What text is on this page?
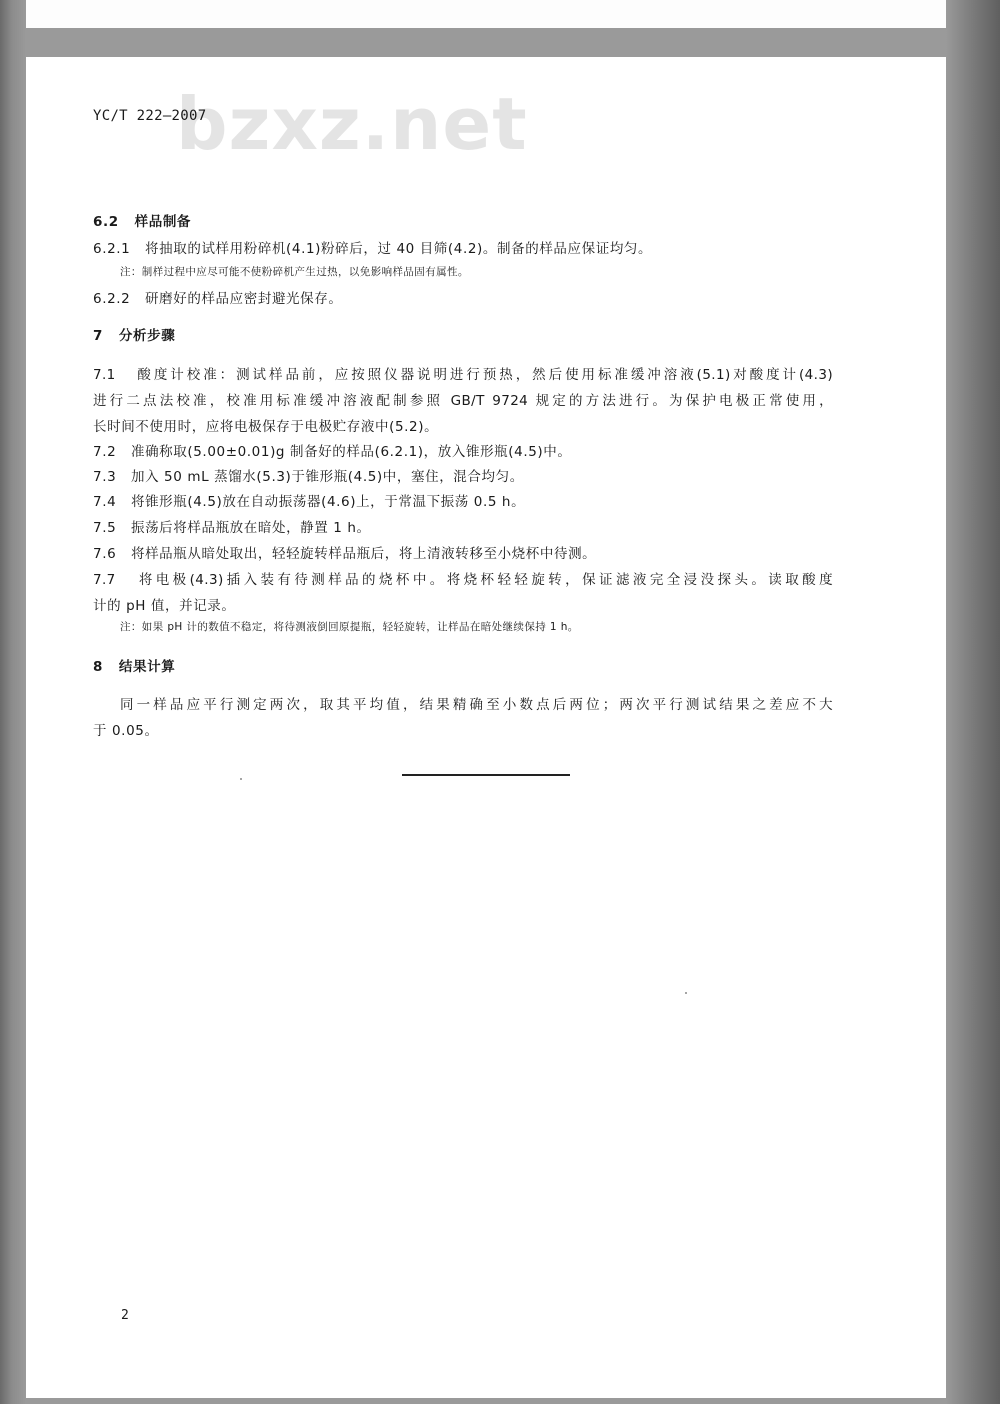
bzxz.net
YC/T 222—2007
6.2 样品制备
6.2.1 将抽取的试样用粉碎机(4.1)粉碎后，过 40 目筛(4.2)。制备的样品应保证均匀。
注：制样过程中应尽可能不使粉碎机产生过热，以免影响样品固有属性。
6.2.2 研磨好的样品应密封避光保存。
7 分析步骤
7.1 酸度计校准：测试样品前，应按照仪器说明进行预热，然后使用标准缓冲溶液(5.1)对酸度计(4.3)
进行二点法校准，校准用标准缓冲溶液配制参照 GB/T 9724 规定的方法进行。为保护电极正常使用，
长时间不使用时，应将电极保存于电极贮存液中(5.2)。
7.2 准确称取(5.00±0.01)g 制备好的样品(6.2.1)，放入锥形瓶(4.5)中。
7.3 加入 50 mL 蒸馏水(5.3)于锥形瓶(4.5)中，塞住，混合均匀。
7.4 将锥形瓶(4.5)放在自动振荡器(4.6)上，于常温下振荡 0.5 h。
7.5 振荡后将样品瓶放在暗处，静置 1 h。
7.6 将样品瓶从暗处取出，轻轻旋转样品瓶后，将上清液转移至小烧杯中待测。
7.7 将电极(4.3)插入装有待测样品的烧杯中。将烧杯轻轻旋转，保证滤液完全浸没探头。读取酸度
计的 pH 值，并记录。
注：如果 pH 计的数值不稳定，将待测液倒回原提瓶，轻轻旋转，让样品在暗处继续保持 1 h。
8 结果计算
同一样品应平行测定两次，取其平均值，结果精确至小数点后两位；两次平行测试结果之差应不大
于 0.05。
2
